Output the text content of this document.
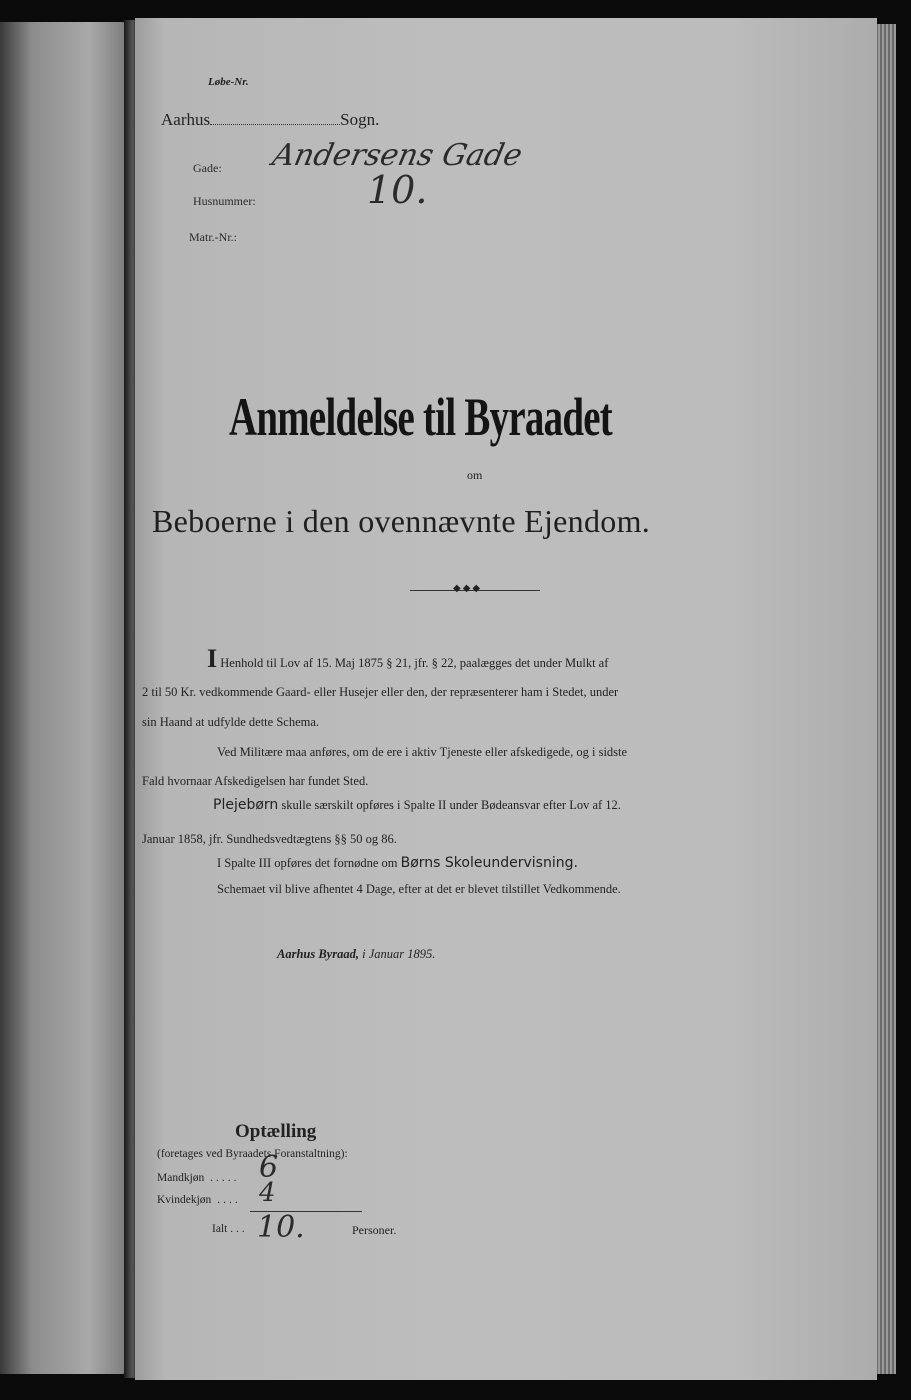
Løbe-Nr.
Aarhus	Sogn.
Gade: Andersens Gade
Husnummer:	10.
Matr.-Nr.:
Anmeldelse til Byraadet
om
Beboerne i den ovennævnte Ejendom.
◆◆◆
I Henhold til Lov af 15. Maj 1875 § 21, jfr. § 22, paalægges det under Mulkt af
2 til 50 Kr. vedkommende Gaard- eller Husejer eller den, der repræsenterer ham i Stedet, under
sin Haand at udfylde dette Schema.
Ved Militære maa anføres, om de ere i aktiv Tjeneste eller afskedigede, og i sidste
Fald hvornaar Afskedigelsen har fundet Sted.
Plejebørn skulle særskilt opføres i Spalte II under Bødeansvar efter Lov af 12.
Januar 1858, jfr. Sundhedsvedtægtens §§ 50 og 86.
I Spalte III opføres det fornødne om Børns Skoleundervisning.
Schemaet vil blive afhentet 4 Dage, efter at det er blevet tilstillet Vedkommende.
Aarhus Byraad, i Januar 1895.
Optælling
(foretages ved Byraadets Foranstaltning):
Mandkjøn ..... 6
Kvindekjøn .... 4
Ialt . . . 10.	Personer.
